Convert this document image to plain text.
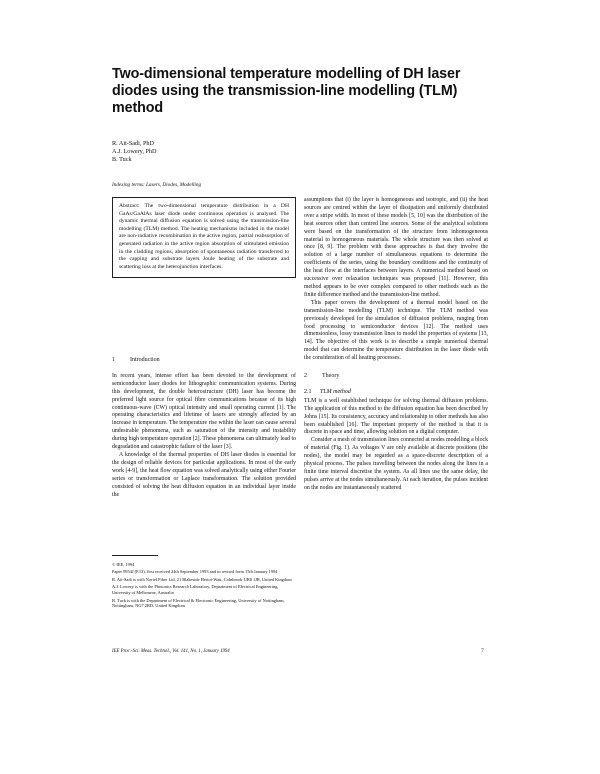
Two-dimensional temperature modelling of DH laser diodes using the transmission-line modelling (TLM) method
R. Ait-Sadi, PhD
A.J. Lowery, PhD
B. Tuck
Indexing terms: Lasers, Diodes, Modelling
Abstract: The two-dimensional temperature distribution in a DH GaAs/GaAlAs laser diode under continuous operation is analysed. The dynamic thermal diffusion equation is solved using the transmission-line modelling (TLM) method. The heating mechanisms included in the model are non-radiative recombination in the active region, partial reabsorption of generated radiation in the active region absorption of stimulated emission in the cladding regions, absorption of spontaneous radiation transferred to the capping and substrate layers Joule heating of the substrate and scattering loss at the heterojunction interfaces.
1	Introduction

In recent years, intense effort has been devoted to the development of semiconductor laser diodes for lithographic communication systems. During this development, the double heterostructure (DH) laser has become the preferred light source for optical fibre communications because of its high continuous-wave (CW) optical intensity and small operating current [1]. The operating characteristics and lifetime of lasers are strongly affected by an increase in temperature. The temperature rise within the laser can cause several undesirable phenomena, such as saturation of the intensity and instability during high temperature operation [2]. These phenomena can ultimately lead to degradation and catastrophic failure of the laser [3].

A knowledge of the thermal properties of DH laser diodes is essential for the design of reliable devices for particular applications. In most of the early work [4-9], the heat flow equation was solved analytically using either Fourier series or transformation or Laplace transformation. The solution provided consisted of solving the heat diffusion equation in an individual layer inside the

assumptions that (i) the layer is homogeneous and isotropic, and (ii) the heat sources are centred within the layer of dissipation and uniformly distributed over a stripe width. In most of these models [5, 10] was the distribution of the heat sources other than centred line sources. Some of the analytical solutions were based on the transformation of the structure from inhomogeneous material to homogeneous materials. The whole structure was then solved at once [8, 9]. The problem with these approaches is that they involve the solution of a large number of simultaneous equations to determine the coefficients of the series, using the boundary conditions and the continuity of the heat flow at the interfaces between layers. A numerical method based on successive over relaxation techniques was proposed [11]. However, this method appears to be over complex compared to other methods such as the finite difference method and the transmission-line method.

This paper covers the development of a thermal model based on the transmission-line modelling (TLM) technique. The TLM method was previously developed for the simulation of diffusion problems, ranging from food processing to semiconductor devices [12]. The method uses dimensionless, lossy transmission lines to model the properties of systems [13, 14]. The objective of this work is to describe a simple numerical thermal model that can determine the temperature distribution in the laser diode with the consideration of all heating processes.

2	Theory
2.1 TLM method

TLM is a well established technique for solving thermal diffusion problems. The application of this method to the diffusion equation has been described by Johns [15]. Its consistency, accuracy and relationship to other methods has also been established [16]. The important property of the method is that it is discrete in space and time, allowing solution on a digital computer.

Consider a mesh of transmission lines connected at nodes modelling a block of material (Fig. 1). As voltages V are only available at discrete positions (the nodes), the model may be regarded as a space-discrete description of a physical process. The pulses travelling between the nodes along the lines in a finite time interval discretise the system. As all lines use the same delay, the pulses arrive at the nodes simultaneously. At each iteration, the pulses incident on the nodes are instantaneously scattered

© IEE, 1994
Paper 9954J (E13), first received 24th September 1993 and in revised form 15th January 1994
R. Ait-Sadi is with Nortel Fibre Ltd, 21 Blakeside Heriot-Watt, Colnbrook UB8 1JR, United Kingdom
A.J. Lowery is with the Photonics Research Laboratory, Department of Electrical Engineering, University of Melbourne, Australia
B. Tuck is with the Department of Electrical & Electronic Engineering, University of Nottingham, Nottingham, NG7 2RD, United Kingdom
IEE Proc.-Sci. Meas. Technol., Vol. 141, No. 1, January 1994	7
